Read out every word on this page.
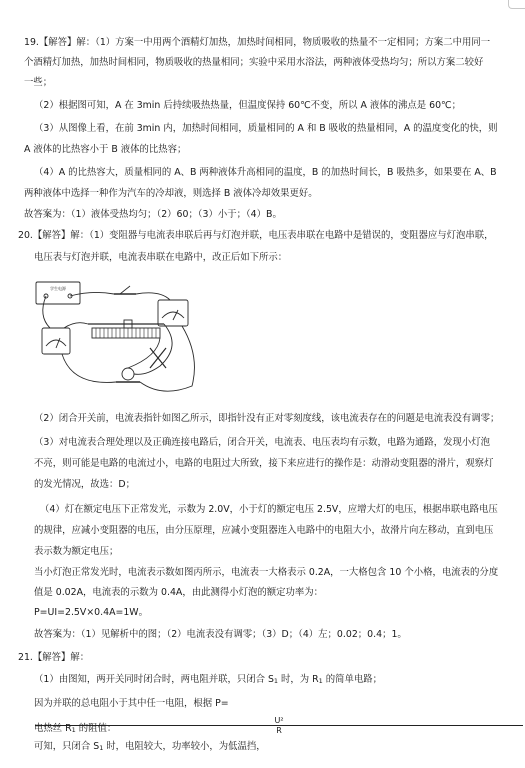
19.【解答】解：（1）方案一中用两个酒精灯加热，加热时间相同，物质吸收的热量不一定相同；方案二中用同一
个酒精灯加热，加热时间相同，物质吸收的热量相同；实验中采用水浴法，两种液体受热均匀；所以方案二较好
一些；
（2）根据图可知，A 在 3min 后持续吸热热量，但温度保持 60℃不变，所以 A 液体的沸点是 60℃；
（3）从图像上看，在前 3min 内，加热时间相同，质量相同的 A 和 B 吸收的热量相同，A 的温度变化的快，则
A 液体的比热容小于 B 液体的比热容；
（4）A 的比热容大，质量相同的 A、B 两种液体升高相同的温度，B 的加热时间长，B 吸热多，如果要在 A、B
两种液体中选择一种作为汽车的冷却液，则选择 B 液体冷却效果更好。
故答案为：（1）液体受热均匀；（2）60；（3）小于；（4）B。
20.【解答】解：（1）变阻器与电流表串联后再与灯泡并联，电压表串联在电路中是错误的，变阻器应与灯泡串联，
电压表与灯泡并联，电流表串联在电路中，改正后如下所示：
学生电源
（2）闭合开关前，电流表指针如图乙所示，即指针没有正对零刻度线，该电流表存在的问题是电流表没有调零；
（3）对电流表合理处理以及正确连接电路后，闭合开关，电流表、电压表均有示数，电路为通路，发现小灯泡
不亮，则可能是电路的电流过小，电路的电阻过大所致，接下来应进行的操作是：动滑动变阻器的滑片，观察灯
的发光情况，故选：D；
（4）灯在额定电压下正常发光，示数为 2.0V，小于灯的额定电压 2.5V，应增大灯的电压，根据串联电路电压
的规律，应减小变阻器的电压，由分压原理，应减小变阻器连入电路中的电阻大小，故滑片向左移动，直到电压
表示数为额定电压；
当小灯泡正常发光时，电流表示数如图丙所示，电流表一大格表示 0.2A，一大格包含 10 个小格，电流表的分度
值是 0.02A，电流表的示数为 0.4A，由此测得小灯泡的额定功率为：
P=UI=2.5V×0.4A=1W。
故答案为：（1）见解析中的图；（2）电流表没有调零；（3）D；（4）左；0.02；0.4；1。
21.【解答】解：
（1）由图知，两开关同时闭合时，两电阻并联，只闭合 S1 时，为 R1 的简单电路；
因为并联的总电阻小于其中任一电阻，根据 P=
U²
R
可知，只闭合 S1 时，电阻较大，功率较小，为低温挡，
电热丝 R1 的阻值：
